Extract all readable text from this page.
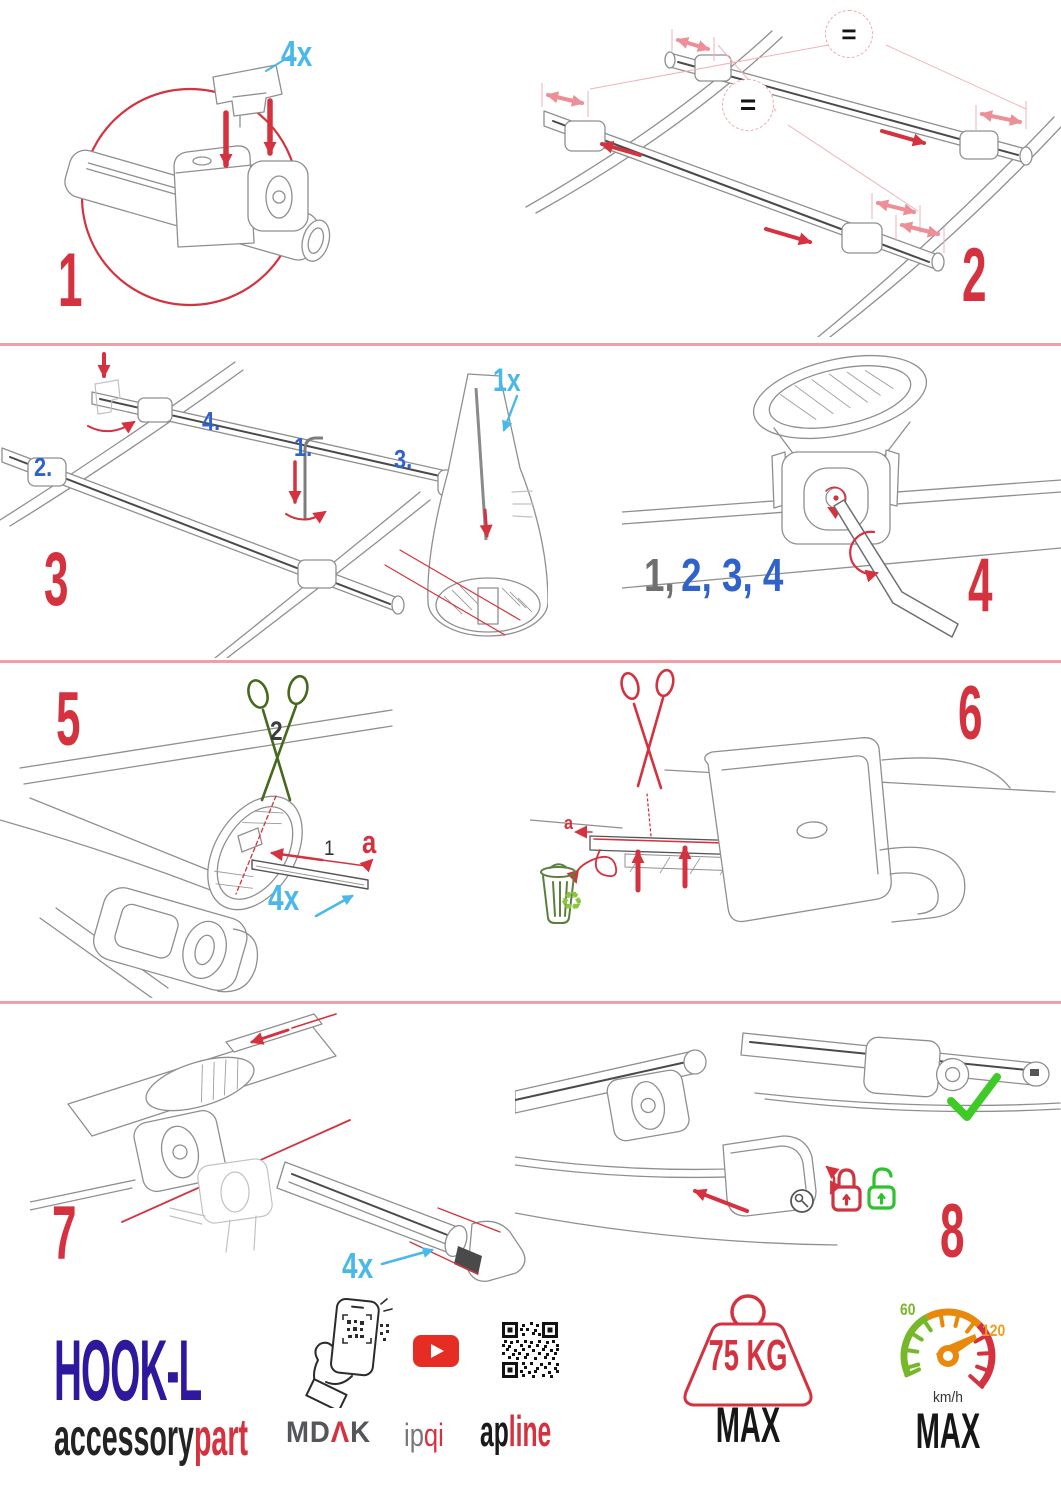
4x
1
=
=
2
1.
2.	3.
4.
1x
3	1, 2, 3, 4 4
2
1 a
4x
5
a
♻
6
4x
7	8
HOOK-L
accessorypart MDΛK ipqi apline
75 KG
MAX
60
120
km/h
MAX
